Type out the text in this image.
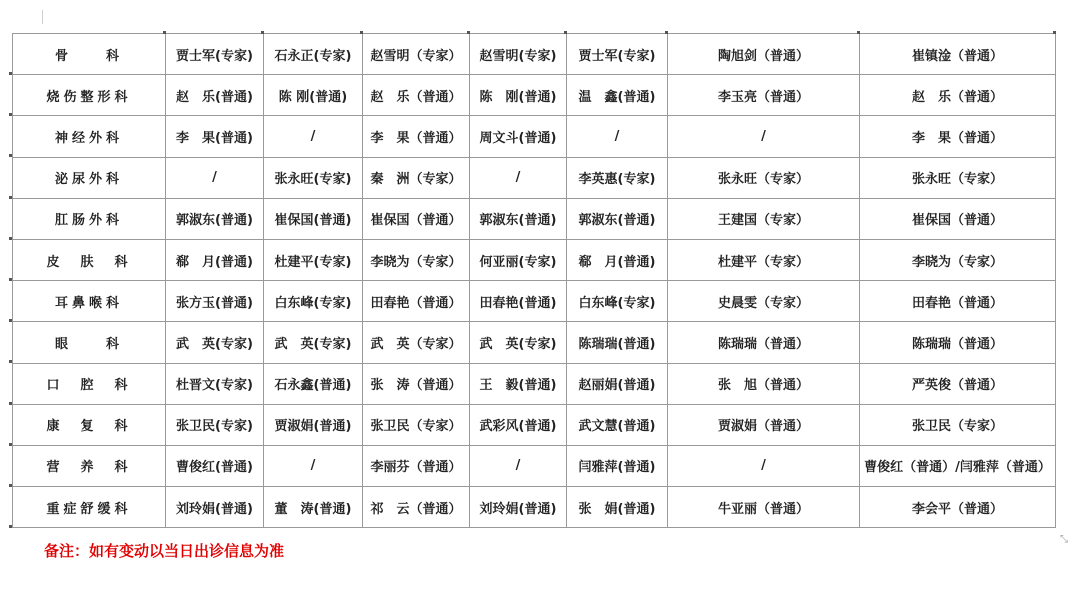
骨　　科	贾士军(专家)	石永正(专家)	赵雪明（专家）	赵雪明(专家)	贾士军(专家)	陶旭剑（普通）	崔镇淦（普通）
烧伤整形科	赵　乐(普通)	陈 刚(普通)	赵　乐（普通）	陈　刚(普通)	温　鑫(普通)	李玉亮（普通）	赵　乐（普通）
神经外科	李　果(普通)	/	李　果（普通）	周文斗(普通)	/	/	李　果（普通）
泌尿外科	/	张永旺(专家)	秦　洲（专家）	/	李英惠(专家)	张永旺（专家）	张永旺（专家）
肛肠外科	郭淑东(普通)	崔保国(普通)	崔保国（普通）	郭淑东(普通)	郭淑东(普通)	王建国（专家）	崔保国（普通）
皮　肤　科	郗　月(普通)	杜建平(专家)	李晓为（专家）	何亚丽(专家)	郗　月(普通)	杜建平（专家）	李晓为（专家）
耳鼻喉科	张方玉(普通)	白东峰(专家)	田春艳（普通）	田春艳(普通)	白东峰(专家)	史晨雯（专家）	田春艳（普通）
眼　　科	武　英(专家)	武　英(专家)	武　英（专家）	武　英(专家)	陈瑞瑞(普通)	陈瑞瑞（普通）	陈瑞瑞（普通）
口　腔　科	杜晋文(专家)	石永鑫(普通)	张　涛（普通）	王　毅(普通)	赵丽娟(普通)	张　旭（普通）	严英俊（普通）
康　复　科	张卫民(专家)	贾淑娟(普通)	张卫民（专家）	武彩风(普通)	武文慧(普通)	贾淑娟（普通）	张卫民（专家）
营　养　科	曹俊红(普通)	/	李丽芬（普通）	/	闫雅萍(普通)	/	曹俊红（普通）/闫雅萍（普通）
重症舒缓科	刘玲娟(普通)	董　涛(普通)	祁　云（普通）	刘玲娟(普通)	张　娟(普通)	牛亚丽（普通）	李会平（普通）
备注：如有变动以当日出诊信息为准
⤡
